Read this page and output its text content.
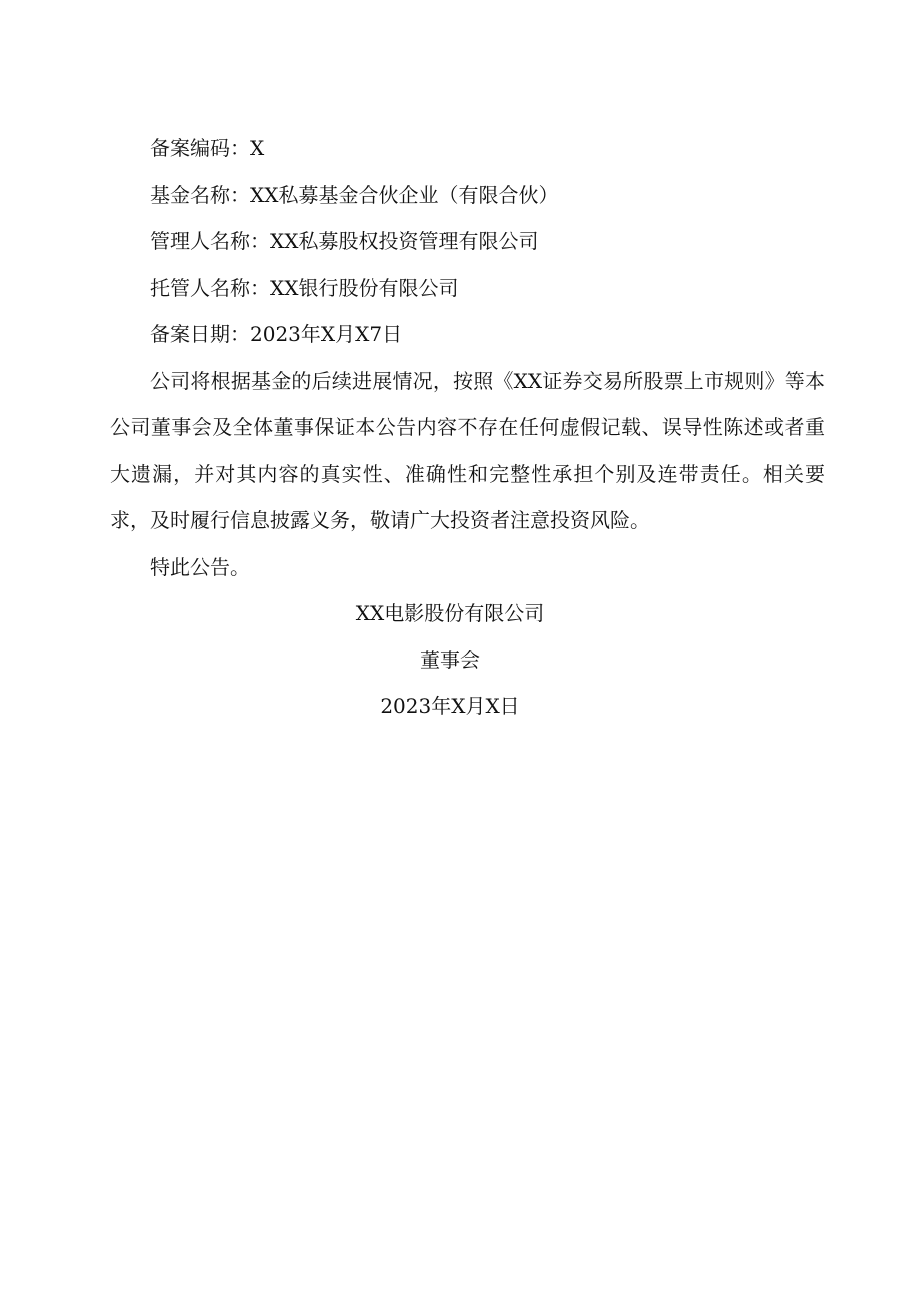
备案编码：X

基金名称：XX私募基金合伙企业（有限合伙）

管理人名称：XX私募股权投资管理有限公司

托管人名称：XX银行股份有限公司

备案日期：2023年X月X7日

公司将根据基金的后续进展情况，按照《XX证券交易所股票上市规则》等本公司董事会及全体董事保证本公告内容不存在任何虚假记载、误导性陈述或者重大遗漏，并对其内容的真实性、准确性和完整性承担个别及连带责任。相关要求，及时履行信息披露义务，敬请广大投资者注意投资风险。

特此公告。

XX电影股份有限公司

董事会

2023年X月X日
